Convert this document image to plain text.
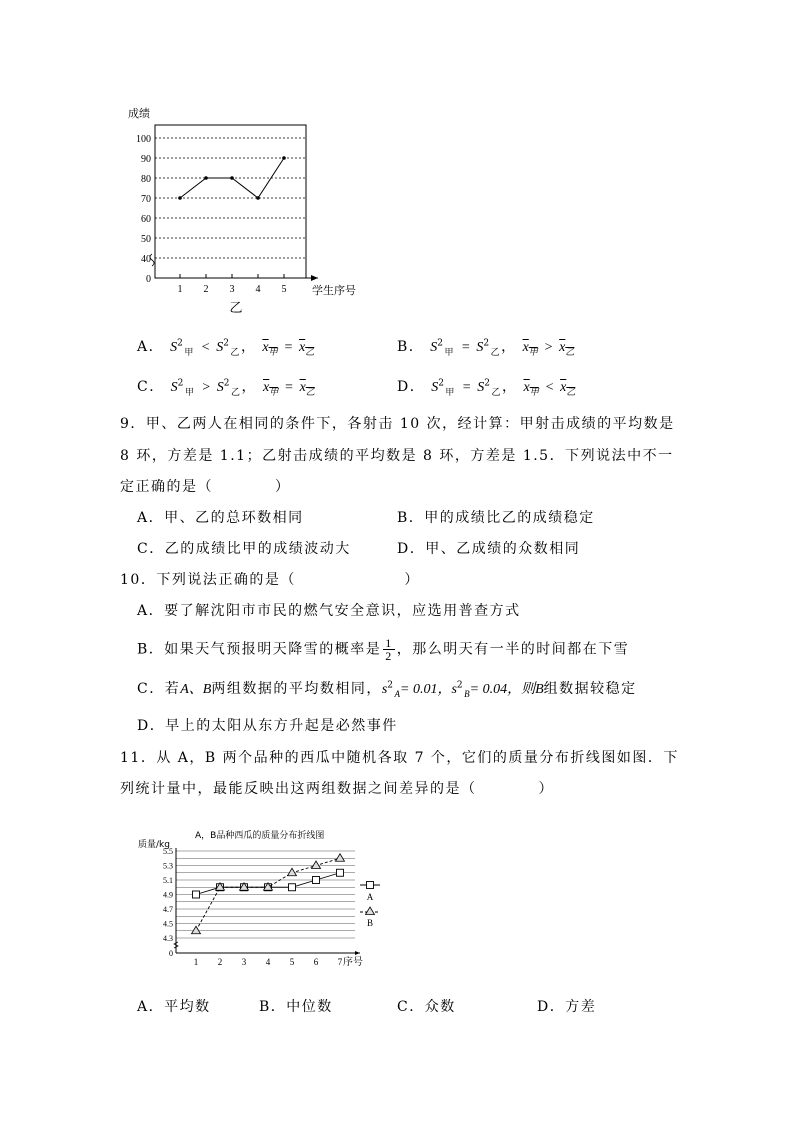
1 2 3 4 5
0
40
50
60
70
80
90
100
成绩
学生序号
乙
A． $S^2_甲 < S^2_乙$， $x_甲 = x_乙$	B． $S^2_甲 = S^2_乙$， $x_甲 > x_乙$
C． $S^2_甲 > S^2_乙$， $x_甲 = x_乙$	D． $S^2_甲 = S^2_乙$， $x_甲 < x_乙$
9．甲、乙两人在相同的条件下，各射击 10 次，经计算：甲射击成绩的平均数是
8 环，方差是 1.1；乙射击成绩的平均数是 8 环，方差是 1.5．下列说法中不一
定正确的是（　　　　）
A．甲、乙的总环数相同	B．甲的成绩比乙的成绩稳定
C．乙的成绩比甲的成绩波动大	D．甲、乙成绩的众数相同
10．下列说法正确的是（　　　　　　　）
A．要了解沈阳市市民的燃气安全意识，应选用普查方式
B．如果天气预报明天降雪的概率是 $\frac{1}{2}$ ，那么明天有一半的时间都在下雪
C．若A、B两组数据的平均数相同，$s^2_A= 0.01$，$s^2_B= 0.04$，则B组数据较稳定
D．早上的太阳从东方升起是必然事件
11．从 A，B 两个品种的西瓜中随机各取 7 个，它们的质量分布折线图如图．下
列统计量中，最能反映出这两组数据之间差异的是（　　　　）
0
4.3
4.5
4.7
4.9
5.1
5.3
5.5
1 2 3 4 5 6 7 序号
质量/kg
A，B品种西瓜的质量分布折线图
A
B
A．平均数	B．中位数	C．众数	D．方差
